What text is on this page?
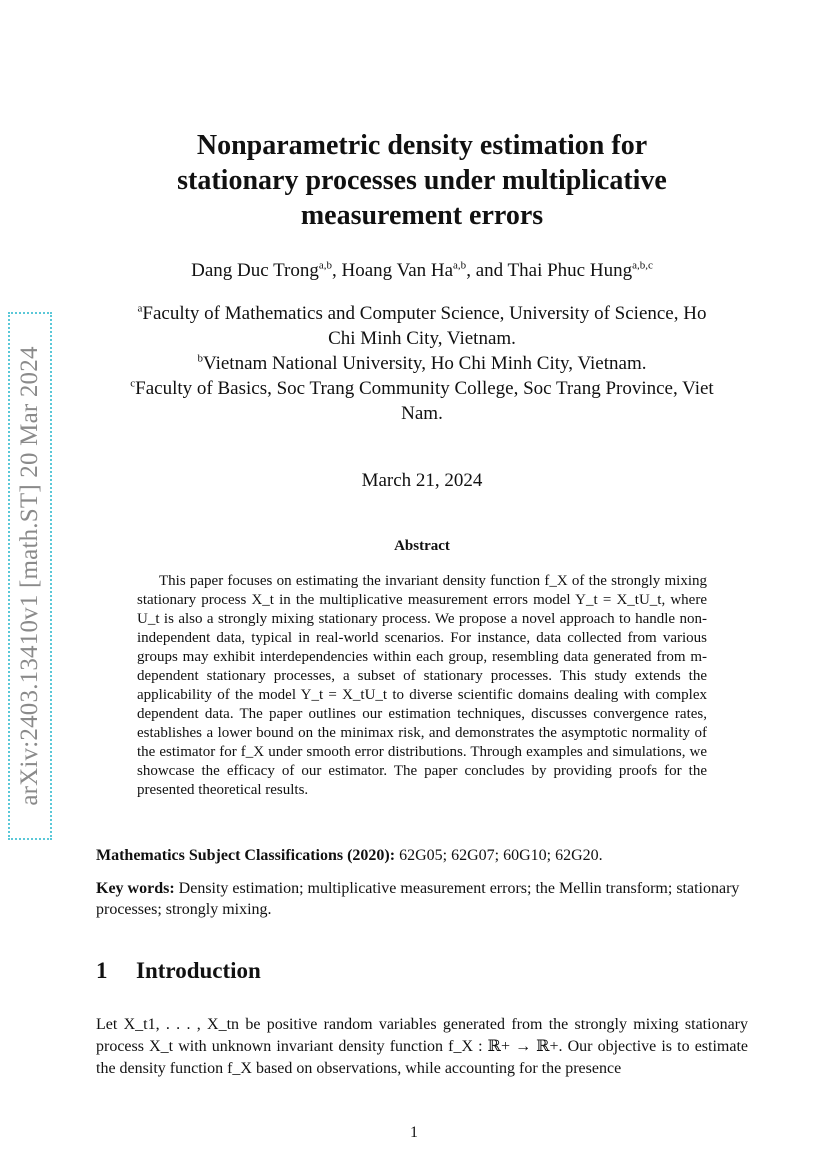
arXiv:2403.13410v1 [math.ST] 20 Mar 2024
Nonparametric density estimation for
stationary processes under multiplicative
measurement errors
Dang Duc Trong$^{a,b}$, Hoang Van Ha$^{a,b}$, and Thai Phuc Hung$^{a,b,c}$
$^a$Faculty of Mathematics and Computer Science, University of Science, Ho
Chi Minh City, Vietnam.
$^b$Vietnam National University, Ho Chi Minh City, Vietnam.
$^c$Faculty of Basics, Soc Trang Community College, Soc Trang Province, Viet
Nam.
March 21, 2024
Abstract
This paper focuses on estimating the invariant density function f_X of the strongly mixing stationary process X_t in the multiplicative measurement errors model Y_t = X_tU_t, where U_t is also a strongly mixing stationary process. We propose a novel approach to handle non-independent data, typical in real-world scenarios. For instance, data collected from various groups may exhibit interdependencies within each group, resembling data generated from m-dependent stationary processes, a subset of stationary processes. This study extends the applicability of the model Y_t = X_tU_t to diverse scientific domains dealing with complex dependent data. The paper outlines our estimation techniques, discusses convergence rates, establishes a lower bound on the minimax risk, and demonstrates the asymptotic normality of the estimator for f_X under smooth error distributions. Through examples and simulations, we showcase the efficacy of our estimator. The paper concludes by providing proofs for the presented theoretical results.
Mathematics Subject Classifications (2020): 62G05; 62G07; 60G10; 62G20.
Key words: Density estimation; multiplicative measurement errors; the Mellin transform; stationary processes; strongly mixing.
1 Introduction
Let X_t1, . . . , X_tn be positive random variables generated from the strongly mixing stationary process X_t with unknown invariant density function f_X : ℝ+ → ℝ+. Our objective is to estimate the density function f_X based on observations, while accounting for the presence
1
